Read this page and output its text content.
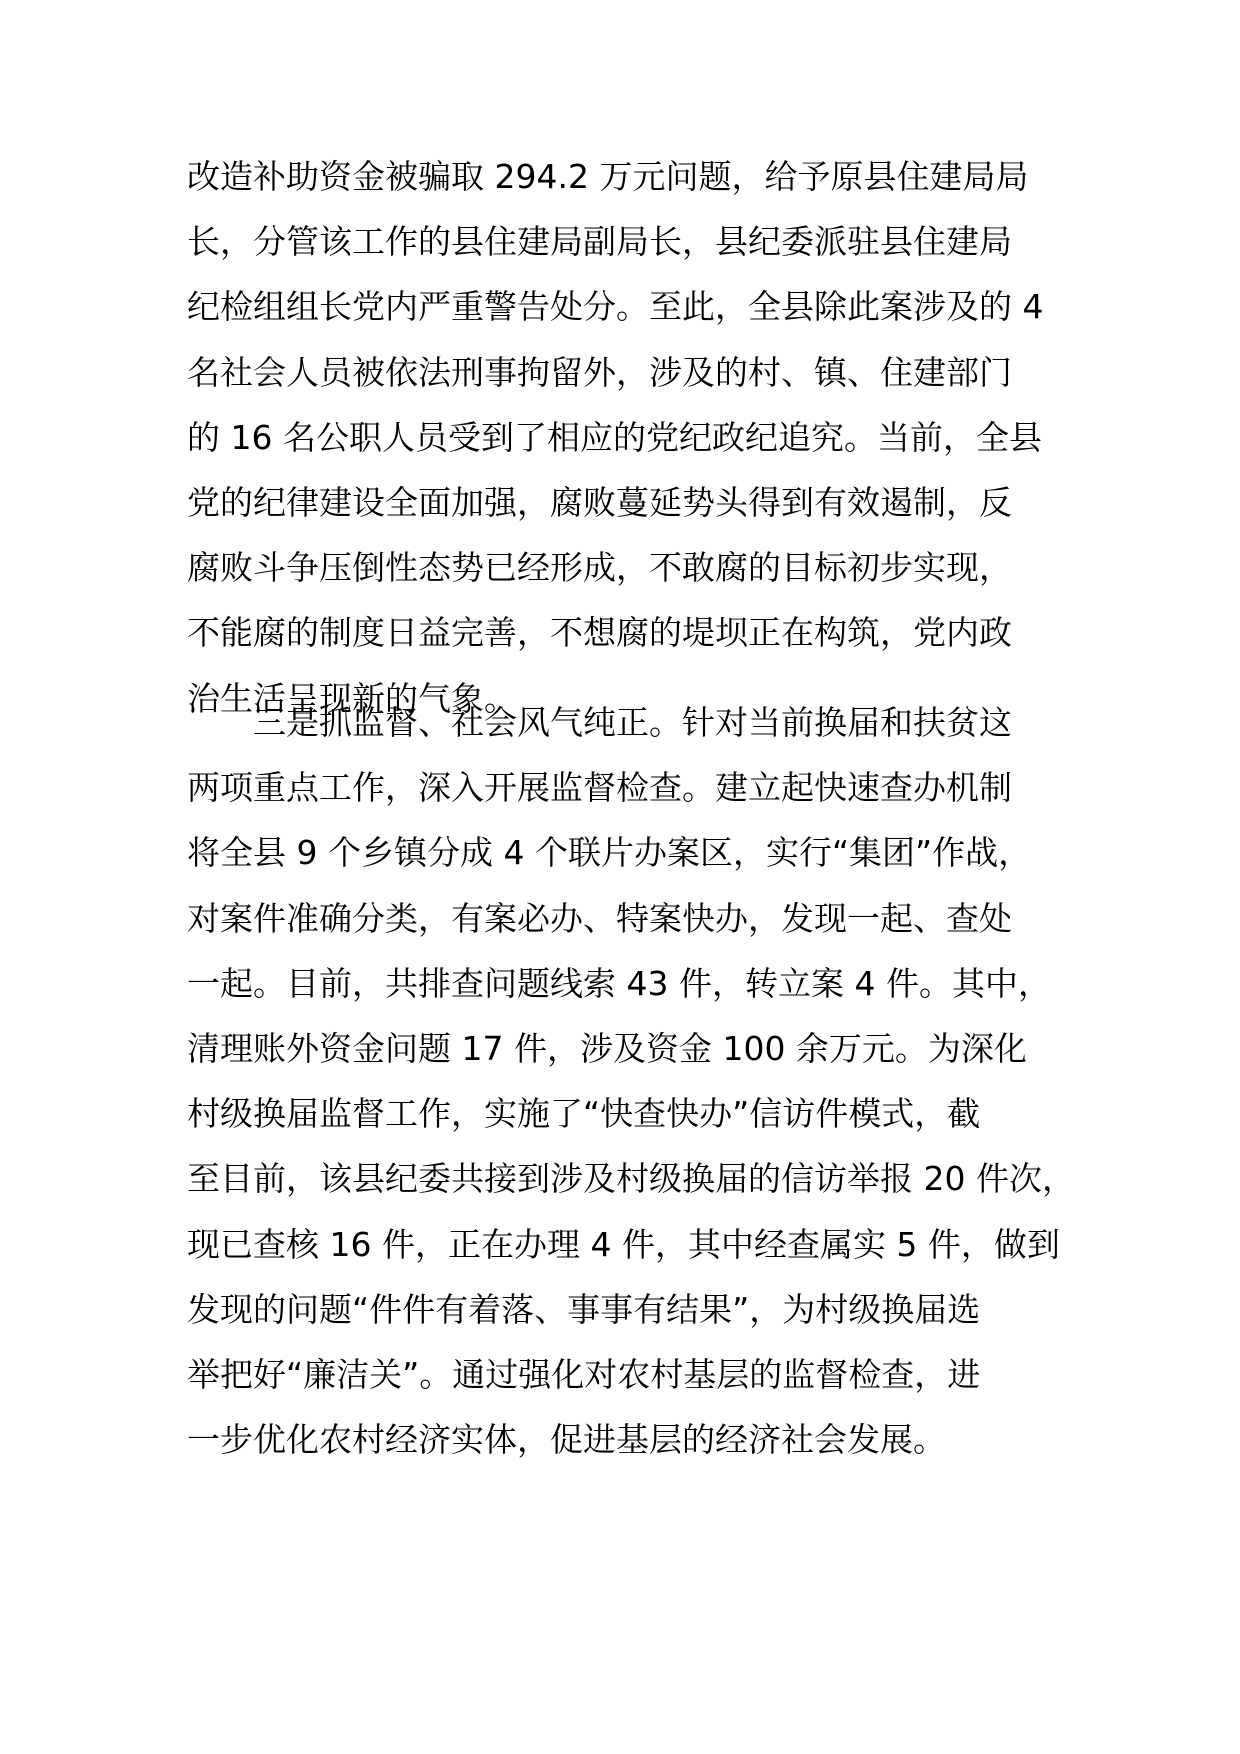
改造补助资金被骗取 294.2 万元问题，给予原县住建局局
长，分管该工作的县住建局副局长，县纪委派驻县住建局
纪检组组长党内严重警告处分。至此，全县除此案涉及的 4
名社会人员被依法刑事拘留外，涉及的村、镇、住建部门
的 16 名公职人员受到了相应的党纪政纪追究。当前，全县
党的纪律建设全面加强，腐败蔓延势头得到有效遏制，反
腐败斗争压倒性态势已经形成，不敢腐的目标初步实现，
不能腐的制度日益完善，不想腐的堤坝正在构筑，党内政
治生活呈现新的气象。
三是抓监督、社会风气纯正。针对当前换届和扶贫这
两项重点工作，深入开展监督检查。建立起快速查办机制
将全县 9 个乡镇分成 4 个联片办案区，实行“集团”作战，
对案件准确分类，有案必办、特案快办，发现一起、查处
一起。目前，共排查问题线索 43 件，转立案 4 件。其中，
清理账外资金问题 17 件，涉及资金 100 余万元。为深化
村级换届监督工作，实施了“快查快办”信访件模式，截
至目前，该县纪委共接到涉及村级换届的信访举报 20 件次，
现已查核 16 件，正在办理 4 件，其中经查属实 5 件，做到
发现的问题“件件有着落、事事有结果”，为村级换届选
举把好“廉洁关”。通过强化对农村基层的监督检查，进
一步优化农村经济实体，促进基层的经济社会发展。
